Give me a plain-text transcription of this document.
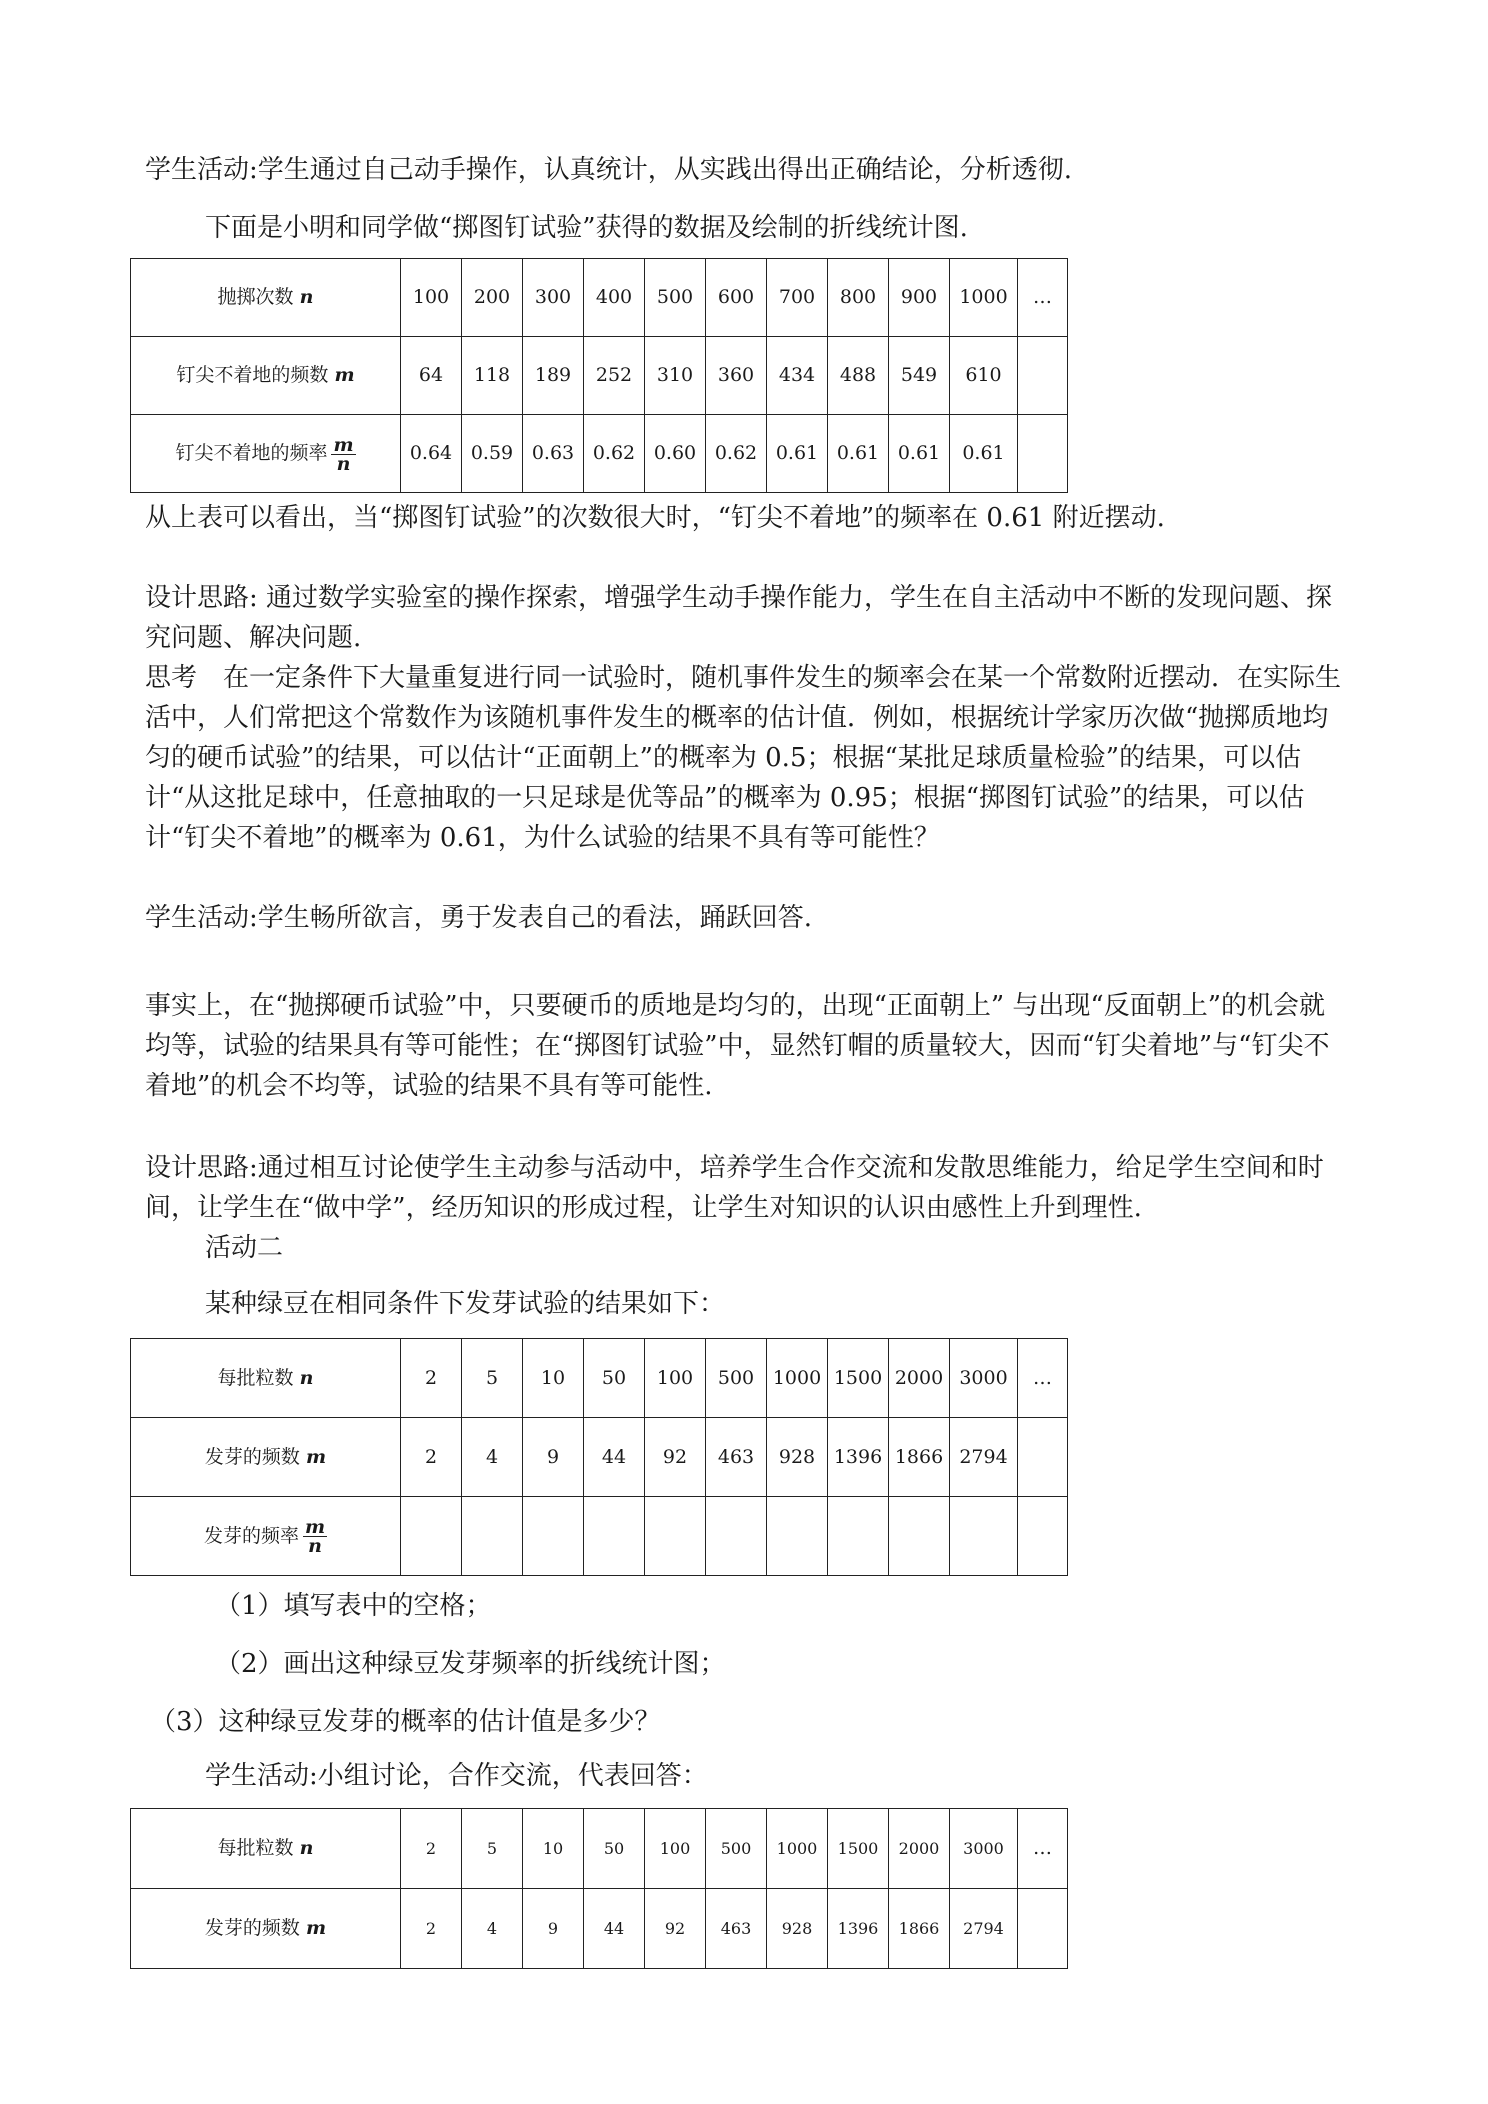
学生活动:学生通过自己动手操作，认真统计，从实践出得出正确结论，分析透彻.

下面是小明和同学做“掷图钉试验”获得的数据及绘制的折线统计图.

抛掷次数 n	100	200	300	400	500	600	700	800	900	1000	…
钉尖不着地的频数 m	64	118	189	252	310	360	434	488	549	610	
钉尖不着地的频率 $\frac{m}{n}$	0.64	0.59	0.63	0.62	0.60	0.62	0.61	0.61	0.61	0.61	

从上表可以看出，当“掷图钉试验”的次数很大时，“钉尖不着地”的频率在 0.61 附近摆动.

设计思路: 通过数学实验室的操作探索，增强学生动手操作能力，学生在自主活动中不断的发现问题、探究问题、解决问题.

思考　在一定条件下大量重复进行同一试验时，随机事件发生的频率会在某一个常数附近摆动．在实际生活中，人们常把这个常数作为该随机事件发生的概率的估计值．例如，根据统计学家历次做“抛掷质地均匀的硬币试验”的结果，可以估计“正面朝上”的概率为 0.5；根据“某批足球质量检验”的结果，可以估计“从这批足球中，任意抽取的一只足球是优等品”的概率为 0.95；根据“掷图钉试验”的结果，可以估计“钉尖不着地”的概率为 0.61，为什么试验的结果不具有等可能性？

学生活动:学生畅所欲言，勇于发表自己的看法，踊跃回答.

事实上，在“抛掷硬币试验”中，只要硬币的质地是均匀的，出现“正面朝上” 与出现“反面朝上”的机会就均等，试验的结果具有等可能性；在“掷图钉试验”中，显然钉帽的质量较大，因而“钉尖着地”与“钉尖不着地”的机会不均等，试验的结果不具有等可能性.

设计思路:通过相互讨论使学生主动参与活动中，培养学生合作交流和发散思维能力，给足学生空间和时间，让学生在“做中学”，经历知识的形成过程，让学生对知识的认识由感性上升到理性.

活动二

某种绿豆在相同条件下发芽试验的结果如下：

每批粒数 n	2	5	10	50	100	500	1000	1500	2000	3000	…
发芽的频数 m	2	4	9	44	92	463	928	1396	1866	2794	
发芽的频率 $\frac{m}{n}$

（1）填写表中的空格；

（2）画出这种绿豆发芽频率的折线统计图；

（3）这种绿豆发芽的概率的估计值是多少？

学生活动:小组讨论，合作交流，代表回答：

每批粒数 n	2	5	10	50	100	500	1000	1500	2000	3000	…
发芽的频数 m	2	4	9	44	92	463	928	1396	1866	2794	
